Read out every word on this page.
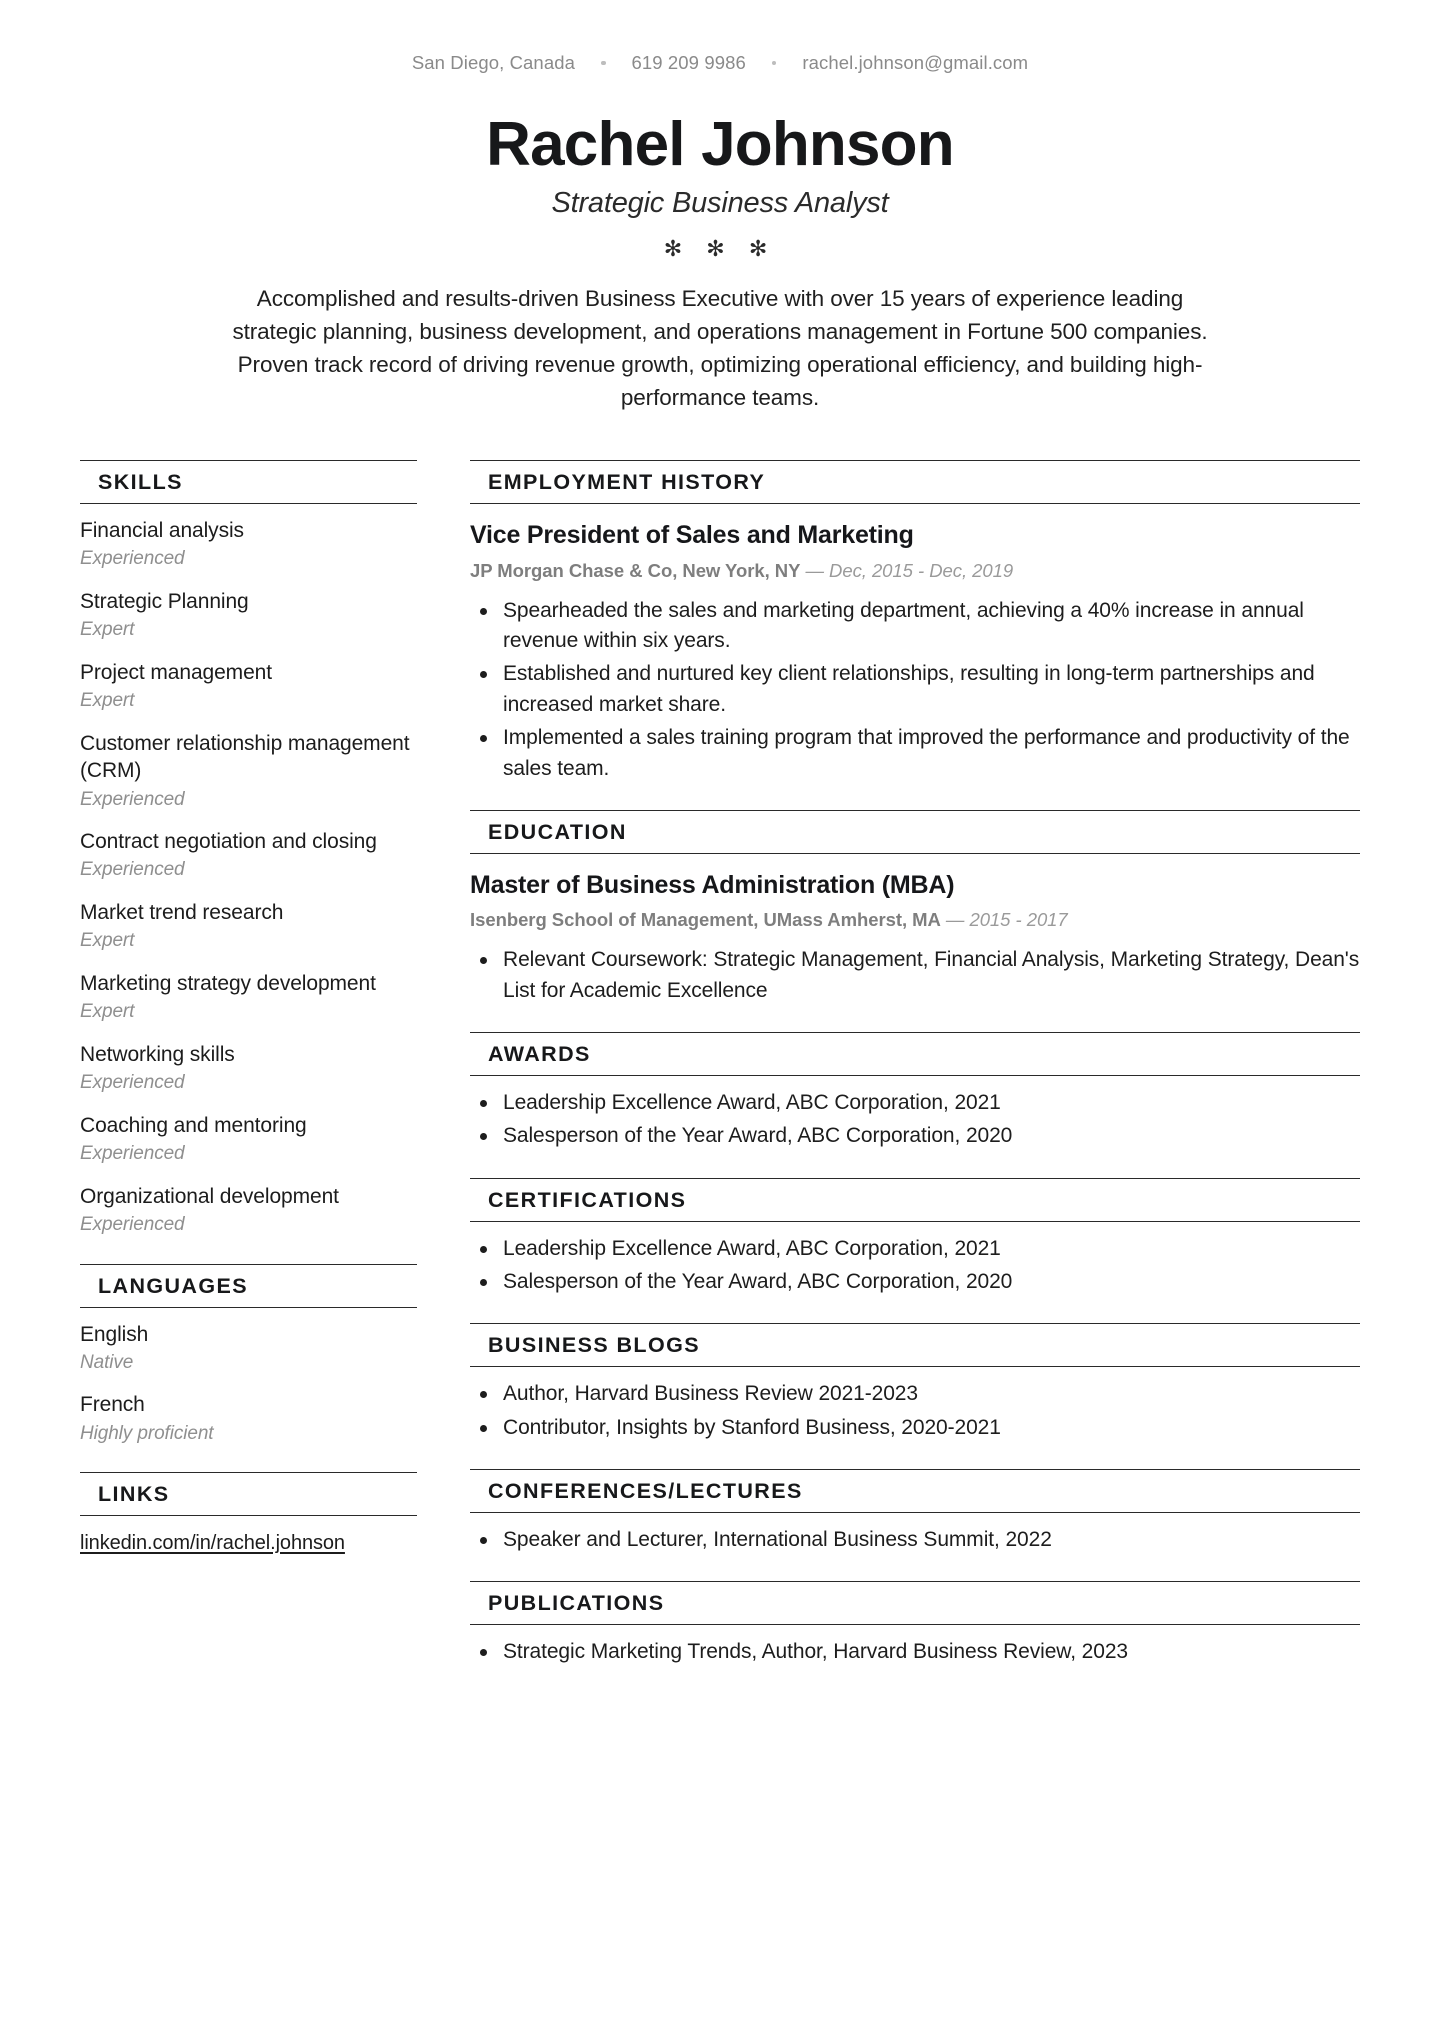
San Diego, Canada	619 209 9986	rachel.johnson@gmail.com
Rachel Johnson
Strategic Business Analyst
✻ ✻ ✻

Accomplished and results-driven Business Executive with over 15 years of experience leading strategic planning, business development, and operations management in Fortune 500 companies. Proven track record of driving revenue growth, optimizing operational efficiency, and building high-performance teams.

SKILLS
Financial analysis
Experienced
Strategic Planning
Expert
Project management
Expert
Customer relationship management (CRM)
Experienced
Contract negotiation and closing
Experienced
Market trend research
Expert
Marketing strategy development
Expert
Networking skills
Experienced
Coaching and mentoring
Experienced
Organizational development
Experienced
LANGUAGES
English
Native
French
Highly proficient
LINKS
linkedin.com/in/rachel.johnson
EMPLOYMENT HISTORY
Vice President of Sales and Marketing
JP Morgan Chase & Co, New York, NY — Dec, 2015 - Dec, 2019
Spearheaded the sales and marketing department, achieving a 40% increase in annual revenue within six years.
Established and nurtured key client relationships, resulting in long-term partnerships and increased market share.
Implemented a sales training program that improved the performance and productivity of the sales team.
EDUCATION
Master of Business Administration (MBA)
Isenberg School of Management, UMass Amherst, MA — 2015 - 2017
Relevant Coursework: Strategic Management, Financial Analysis, Marketing Strategy, Dean's List for Academic Excellence
AWARDS
Leadership Excellence Award, ABC Corporation, 2021
Salesperson of the Year Award, ABC Corporation, 2020
CERTIFICATIONS
Leadership Excellence Award, ABC Corporation, 2021
Salesperson of the Year Award, ABC Corporation, 2020
BUSINESS BLOGS
Author, Harvard Business Review 2021-2023
Contributor, Insights by Stanford Business, 2020-2021
CONFERENCES/LECTURES
Speaker and Lecturer, International Business Summit, 2022
PUBLICATIONS
Strategic Marketing Trends, Author, Harvard Business Review, 2023
